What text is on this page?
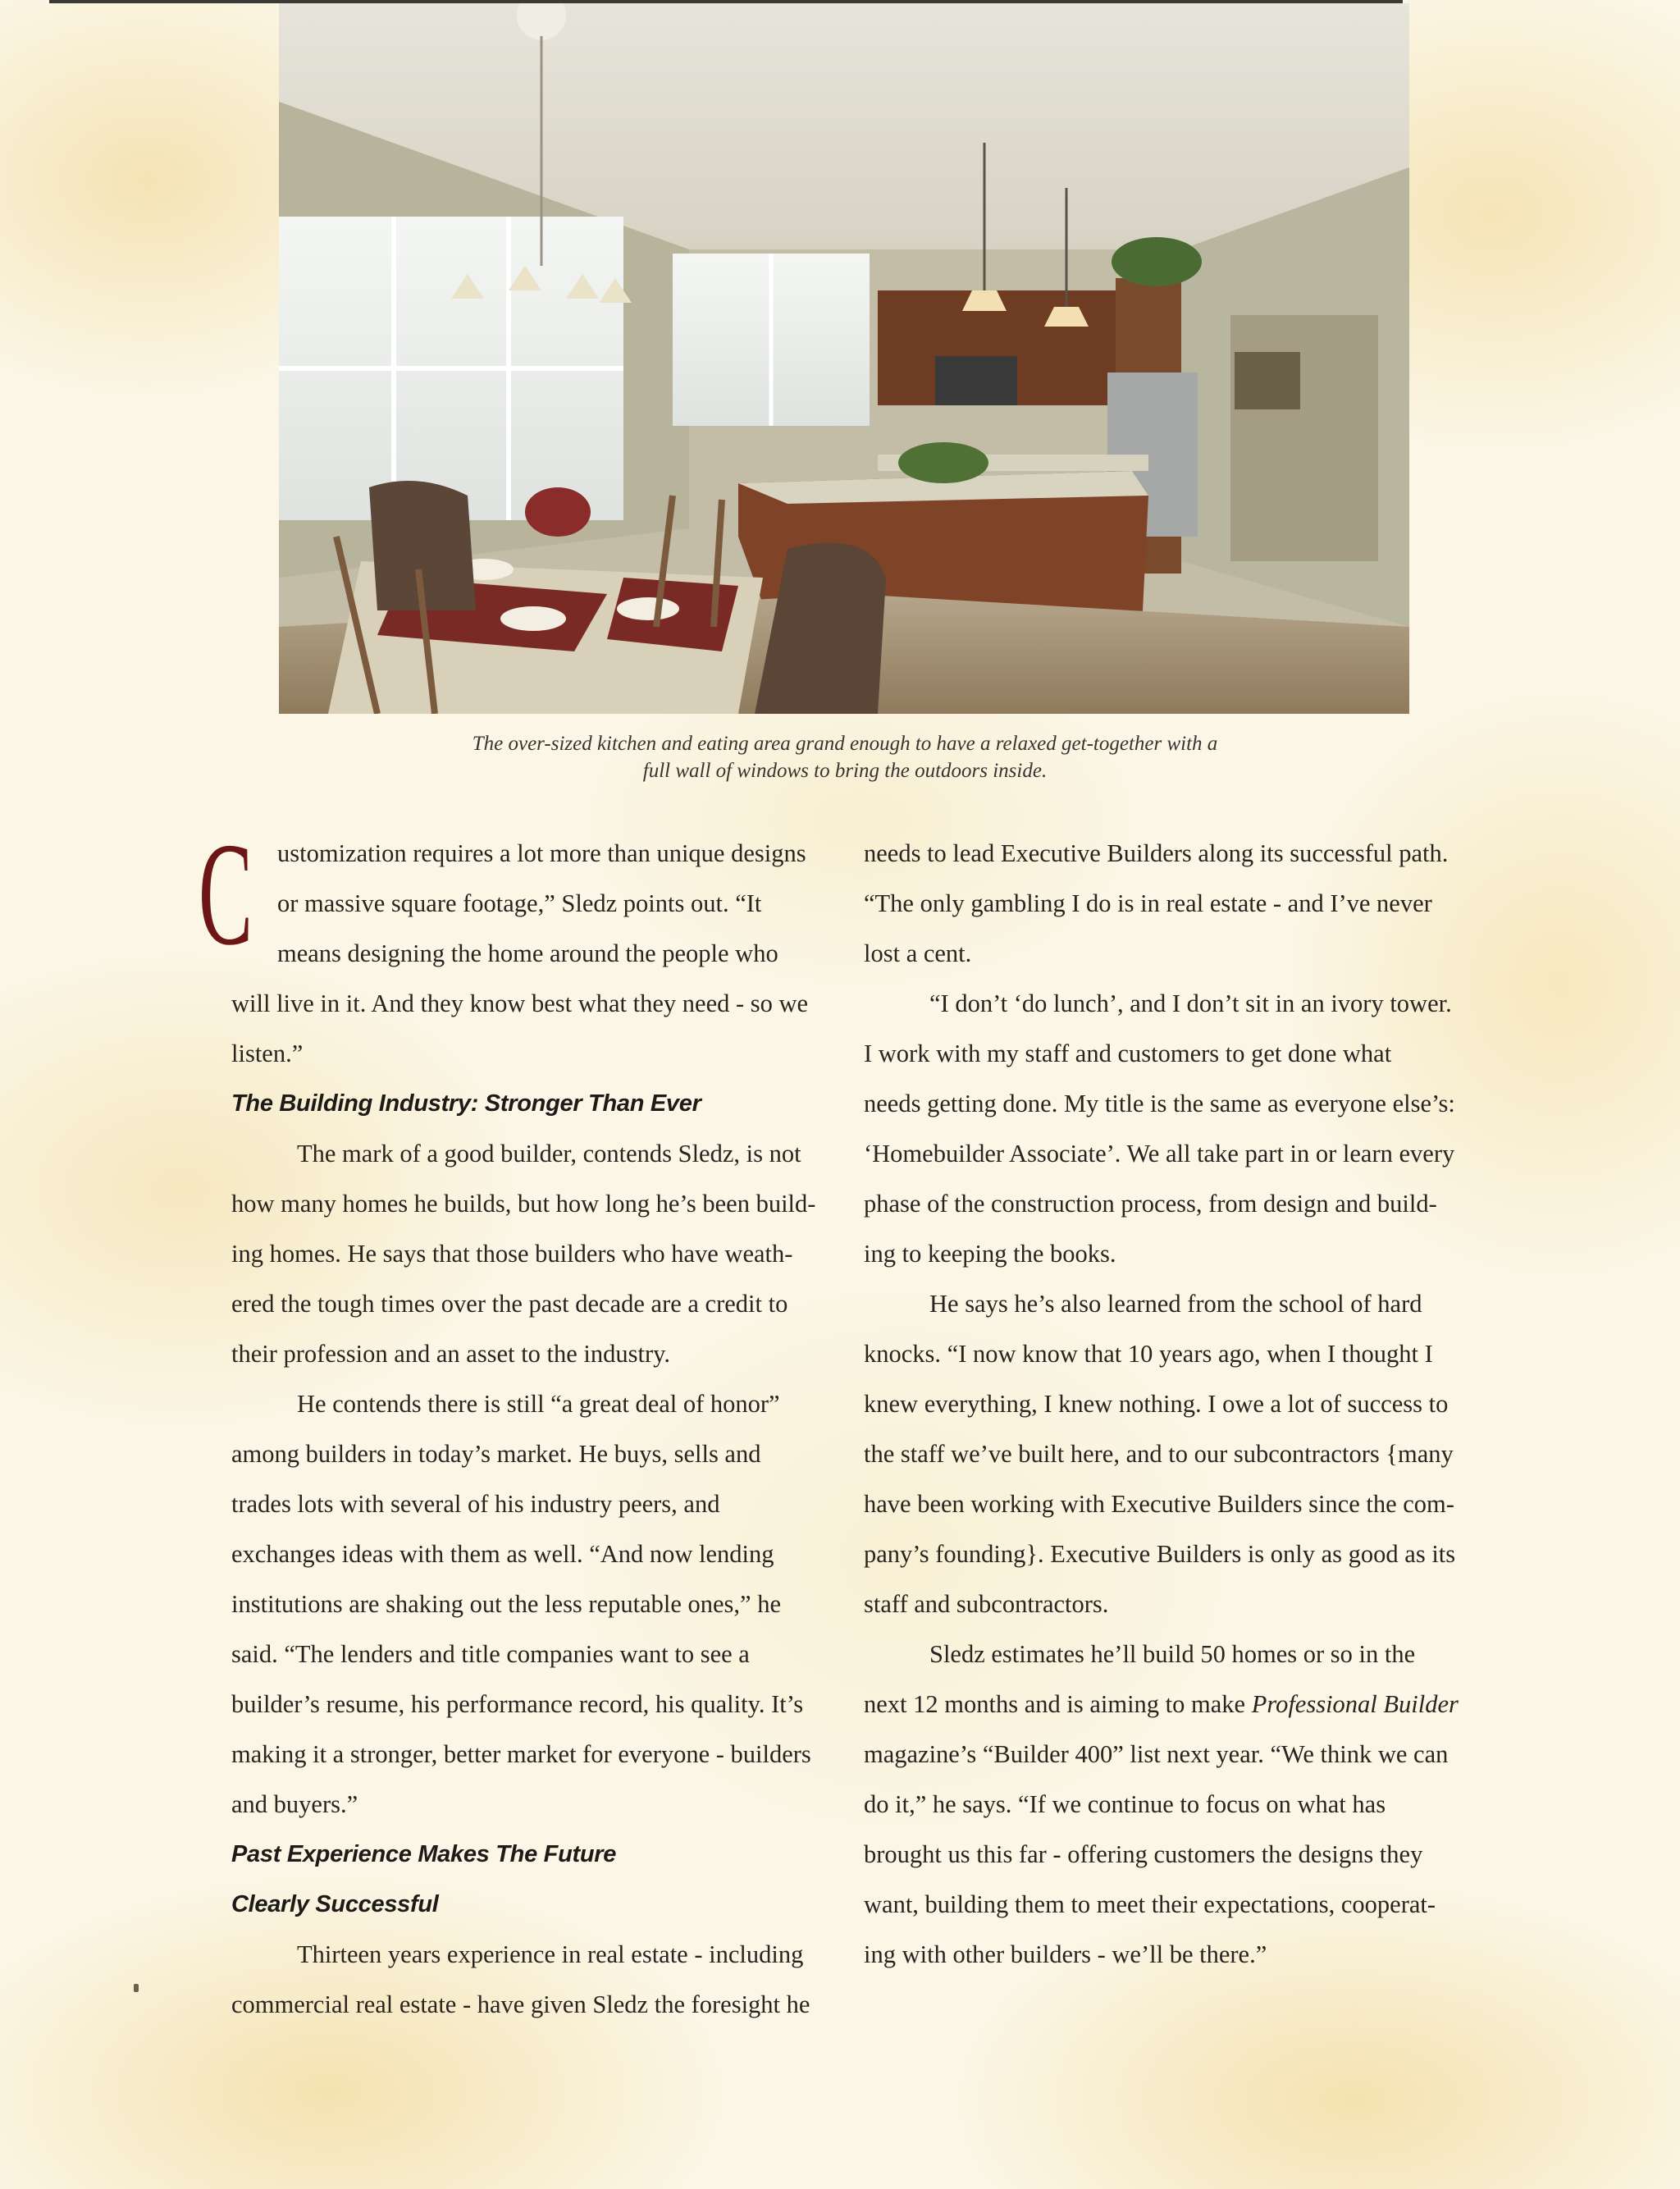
The over-sized kitchen and eating area grand enough to have a relaxed get-together with a
full wall of windows to bring the outdoors inside.

C ustomization requires a lot more than unique designs
or massive square footage,” Sledz points out. “It
means designing the home around the people who
will live in it. And they know best what they need - so we
listen.”

The Building Industry: Stronger Than Ever

The mark of a good builder, contends Sledz, is not
how many homes he builds, but how long he’s been build-
ing homes. He says that those builders who have weath-
ered the tough times over the past decade are a credit to
their profession and an asset to the industry.

He contends there is still “a great deal of honor”
among builders in today’s market. He buys, sells and
trades lots with several of his industry peers, and
exchanges ideas with them as well. “And now lending
institutions are shaking out the less reputable ones,” he
said. “The lenders and title companies want to see a
builder’s resume, his performance record, his quality. It’s
making it a stronger, better market for everyone - builders
and buyers.”

Past Experience Makes The Future
Clearly Successful

Thirteen years experience in real estate - including
commercial real estate - have given Sledz the foresight he

needs to lead Executive Builders along its successful path.
“The only gambling I do is in real estate - and I’ve never
lost a cent.

“I don’t ‘do lunch’, and I don’t sit in an ivory tower.
I work with my staff and customers to get done what
needs getting done. My title is the same as everyone else’s:
‘Homebuilder Associate’. We all take part in or learn every
phase of the construction process, from design and build-
ing to keeping the books.

He says he’s also learned from the school of hard
knocks. “I now know that 10 years ago, when I thought I
knew everything, I knew nothing. I owe a lot of success to
the staff we’ve built here, and to our subcontractors {many
have been working with Executive Builders since the com-
pany’s founding}. Executive Builders is only as good as its
staff and subcontractors.

Sledz estimates he’ll build 50 homes or so in the
next 12 months and is aiming to make Professional Builder
magazine’s “Builder 400” list next year. “We think we can
do it,” he says. “If we continue to focus on what has
brought us this far - offering customers the designs they
want, building them to meet their expectations, cooperat-
ing with other builders - we’ll be there.”
